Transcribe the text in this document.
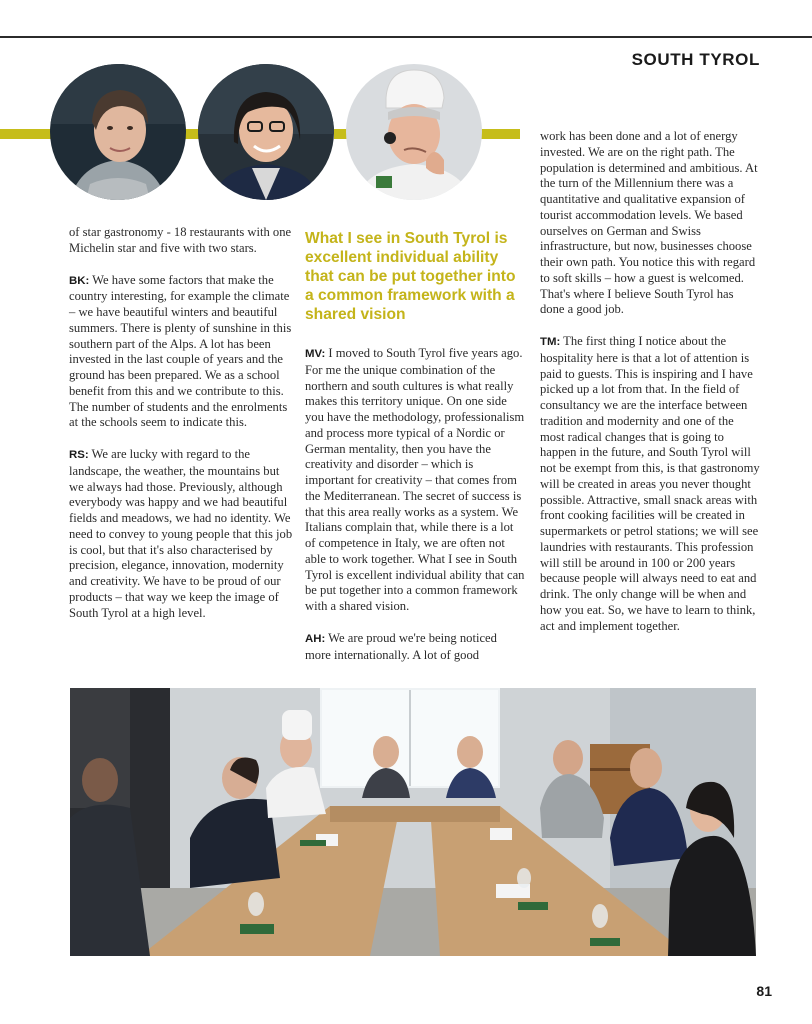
SOUTH TYROL

of star gastronomy - 18 restaurants with one Michelin star and five with two stars.

BK: We have some factors that make the country interesting, for example the climate – we have beautiful winters and beautiful summers. There is plenty of sunshine in this southern part of the Alps. A lot has been invested in the last couple of years and the ground has been prepared. We as a school benefit from this and we contribute to this. The number of students and the enrolments at the schools seem to indicate this.

RS: We are lucky with regard to the landscape, the weather, the mountains but we always had those. Previously, although everybody was happy and we had beautiful fields and meadows, we had no identity. We need to convey to young people that this job is cool, but that it's also characterised by precision, elegance, innovation, modernity and creativity. We have to be proud of our products – that way we keep the image of South Tyrol at a high level.

What I see in South Tyrol is excellent individual ability that can be put together into a common framework with a shared vision

MV: I moved to South Tyrol five years ago. For me the unique combination of the northern and south cultures is what really makes this territory unique. On one side you have the methodology, professionalism and process more typical of a Nordic or German mentality, then you have the creativity and disorder – which is important for creativity – that comes from the Mediterranean. The secret of success is that this area really works as a system. We Italians complain that, while there is a lot of competence in Italy, we are often not able to work together. What I see in South Tyrol is excellent individual ability that can be put together into a common framework with a shared vision.

AH: We are proud we're being noticed more internationally. A lot of good

work has been done and a lot of energy invested. We are on the right path. The population is determined and ambitious. At the turn of the Millennium there was a quantitative and qualitative expansion of tourist accommodation levels. We based ourselves on German and Swiss infrastructure, but now, businesses choose their own path. You notice this with regard to soft skills – how a guest is welcomed. That's where I believe South Tyrol has done a good job.

TM: The first thing I notice about the hospitality here is that a lot of attention is paid to guests. This is inspiring and I have picked up a lot from that. In the field of consultancy we are the interface between tradition and modernity and one of the most radical changes that is going to happen in the future, and South Tyrol will not be exempt from this, is that gastronomy will be created in areas you never thought possible. Attractive, small snack areas with front cooking facilities will be created in supermarkets or petrol stations; we will see laundries with restaurants. This profession will still be around in 100 or 200 years because people will always need to eat and drink. The only change will be when and how you eat. So, we have to learn to think, act and implement together.

81
